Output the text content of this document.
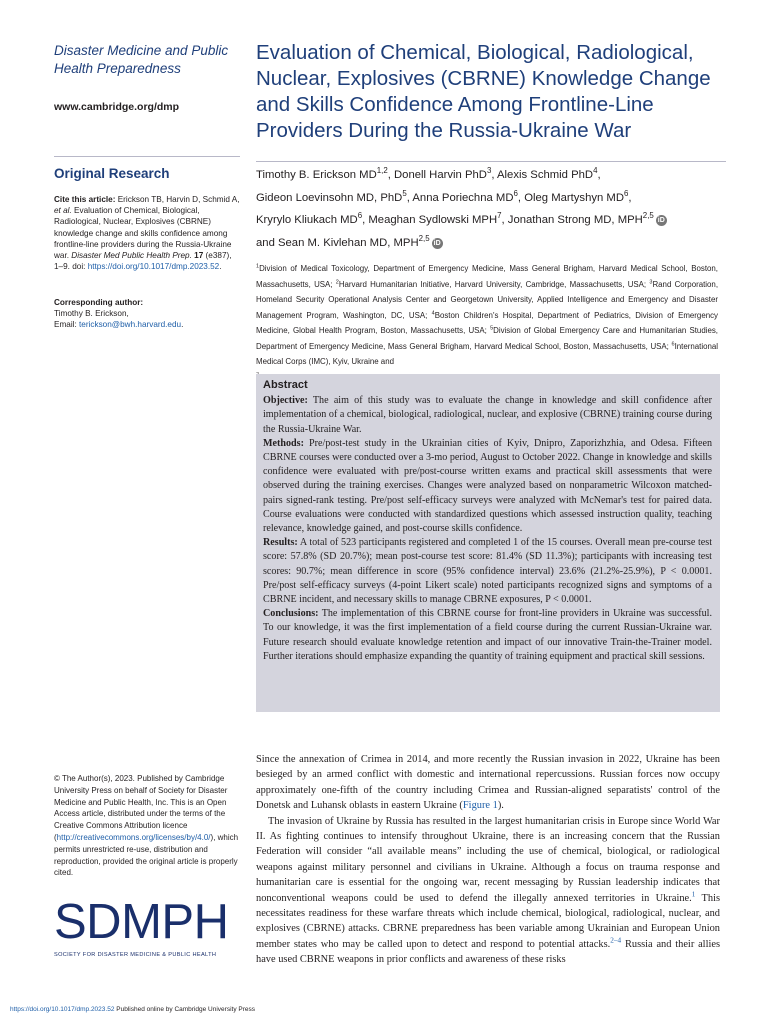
Disaster Medicine and Public Health Preparedness
www.cambridge.org/dmp
Original Research
Cite this article: Erickson TB, Harvin D, Schmid A, et al. Evaluation of Chemical, Biological, Radiological, Nuclear, Explosives (CBRNE) knowledge change and skills confidence among frontline-line providers during the Russia-Ukraine war. Disaster Med Public Health Prep. 17 (e387), 1–9. doi: https://doi.org/10.1017/dmp.2023.52.
Corresponding author:
Timothy B. Erickson,
Email: terickson@bwh.harvard.edu.
© The Author(s), 2023. Published by Cambridge University Press on behalf of Society for Disaster Medicine and Public Health, Inc. This is an Open Access article, distributed under the terms of the Creative Commons Attribution licence (http://creativecommons.org/licenses/by/4.0/), which permits unrestricted re-use, distribution and reproduction, provided the original article is properly cited.
SDMPH
SOCIETY FOR DISASTER MEDICINE & PUBLIC HEALTH
Evaluation of Chemical, Biological, Radiological, Nuclear, Explosives (CBRNE) Knowledge Change and Skills Confidence Among Frontline-Line Providers During the Russia-Ukraine War
Timothy B. Erickson MD$^{1,2}$, Donell Harvin PhD$^3$, Alexis Schmid PhD$^4$,
Gideon Loevinsohn MD, PhD$^5$, Anna Poriechna $MD^6$, Oleg Martyshyn $MD^6$,
Kryrylo Kliukach $MD^6$, Meaghan Sydlowski MPH$^7$, Jonathan Strong MD, MPH$^{2,5}$iD
and Sean M. Kivlehan MD, MPH$^{2,5}$iD
$^1$Division of Medical Toxicology, Department of Emergency Medicine, Mass General Brigham, Harvard Medical School, Boston, Massachusetts, USA; $^2$Harvard Humanitarian Initiative, Harvard University, Cambridge, Massachusetts, USA; $^3$Rand Corporation, Homeland Security Operational Analysis Center and Georgetown University, Applied Intelligence and Emergency and Disaster Management Program, Washington, DC, USA; $^4$Boston Children's Hospital, Department of Pediatrics, Division of Emergency Medicine, Global Health Program, Boston, Massachusetts, USA; $^5$Division of Global Emergency Care and Humanitarian Studies, Department of Emergency Medicine, Mass General Brigham, Harvard Medical School, Boston, Massachusetts, USA; $^6$International Medical Corps (IMC), Kyiv, Ukraine and

Abstract
Objective: The aim of this study was to evaluate the change in knowledge and skill confidence after implementation of a chemical, biological, radiological, nuclear, and explosive (CBRNE) training course during the Russia-Ukraine War.
Methods: Pre/post-test study in the Ukrainian cities of Kyiv, Dnipro, Zaporizhzhia, and Odesa. Fifteen CBRNE courses were conducted over a 3-mo period, August to October 2022. Change in knowledge and skills confidence were evaluated with pre/post-course written exams and practical skill assessments that were observed during the training exercises. Changes were analyzed based on nonparametric Wilcoxon matched-pairs signed-rank testing. Pre/post self-efficacy surveys were analyzed with McNemar's test for paired data. Course evaluations were conducted with standardized questions which assessed instruction quality, teaching relevance, knowledge gained, and post-course skills confidence.
Results: A total of 523 participants registered and completed 1 of the 15 courses. Overall mean pre-course test score: 57.8% (SD 20.7%); mean post-course test score: 81.4% (SD 11.3%); participants with increasing test scores: 90.7%; mean difference in score (95% confidence interval) 23.6% (21.2%-25.9%), P < 0.0001. Pre/post self-efficacy surveys (4-point Likert scale) noted participants recognized signs and symptoms of a CBRNE incident, and necessary skills to manage CBRNE exposures, P < 0.0001.
Conclusions: The implementation of this CBRNE course for front-line providers in Ukraine was successful. To our knowledge, it was the first implementation of a field course during the current Russian-Ukraine war. Future research should evaluate knowledge retention and impact of our innovative Train-the-Trainer model. Further iterations should emphasize expanding the quantity of training equipment and practical skill sessions.

Since the annexation of Crimea in 2014, and more recently the Russian invasion in 2022, Ukraine has been besieged by an armed conflict with domestic and international repercussions. Russian forces now occupy approximately one-fifth of the country including Crimea and Russian-aligned separatists' control of the Donetsk and Luhansk oblasts in eastern Ukraine (Figure 1).

The invasion of Ukraine by Russia has resulted in the largest humanitarian crisis in Europe since World War II. As fighting continues to intensify throughout Ukraine, there is an increasing concern that the Russian Federation will consider “all available means” including the use of chemical, biological, or radiological weapons against military personnel and civilians in Ukraine. Although a focus on trauma response and humanitarian care is essential for the ongoing war, recent messaging by Russian leadership indicates that nonconventional weapons could be used to defend the illegally annexed territories in Ukraine.$^1$ This necessitates readiness for these warfare threats which include chemical, biological, radiological, nuclear, and explosives (CBRNE) attacks. CBRNE preparedness has been variable among Ukrainian and European Union member states who may be called upon to detect and respond to potential attacks.$^{2-4}$ Russia and their allies have used CBRNE weapons in prior conflicts and awareness of these risks

https://doi.org/10.1017/dmp.2023.52 Published online by Cambridge University Press
